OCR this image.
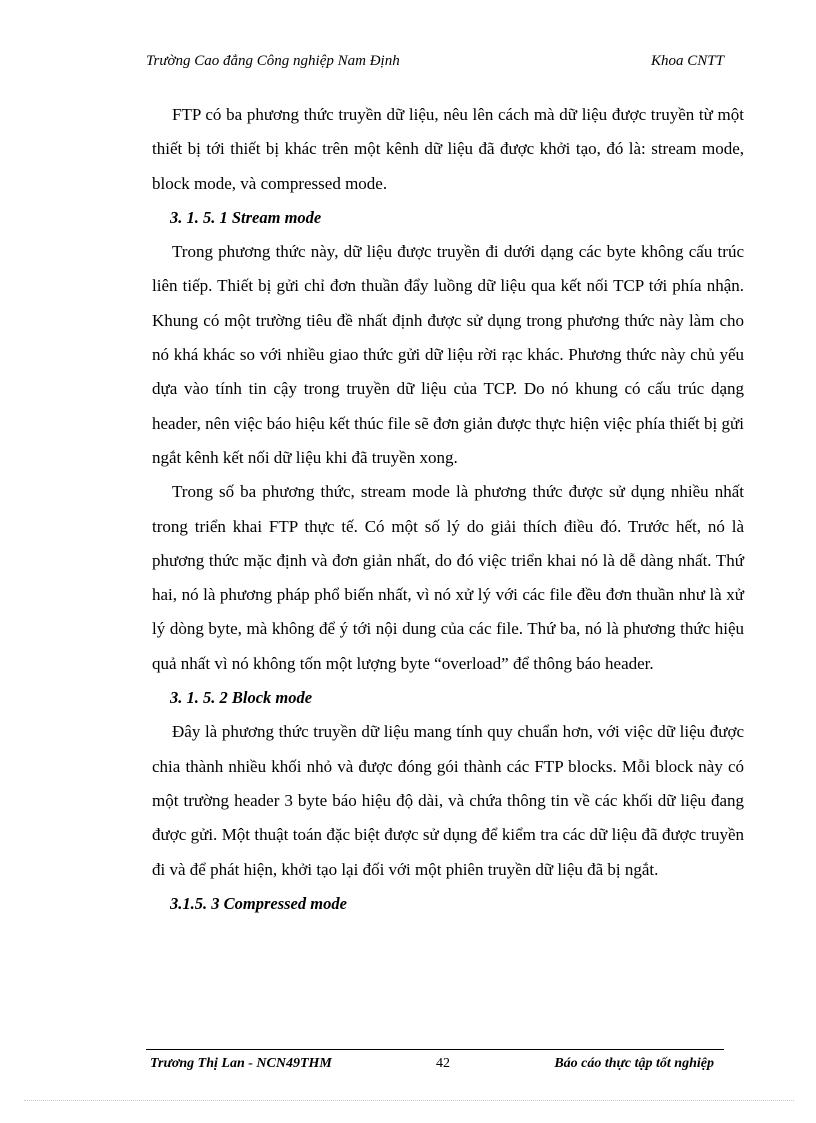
Trường Cao đẳng Công nghiệp Nam Định	Khoa CNTT

FTP có ba phương thức truyền dữ liệu, nêu lên cách mà dữ liệu được truyền từ một thiết bị tới thiết bị khác trên một kênh dữ liệu đã được khởi tạo, đó là: stream mode, block mode, và compressed mode.

3. 1. 5. 1 Stream mode

Trong phương thức này, dữ liệu được truyền đi dưới dạng các byte không cấu trúc liên tiếp. Thiết bị gửi chỉ đơn thuần đẩy luồng dữ liệu qua kết nối TCP tới phía nhận. Khung có một trường tiêu đề nhất định được sử dụng trong phương thức này làm cho nó khá khác so với nhiều giao thức gửi dữ liệu rời rạc khác. Phương thức này chủ yếu dựa vào tính tin cậy trong truyền dữ liệu của TCP. Do nó khung có cấu trúc dạng header, nên việc báo hiệu kết thúc file sẽ đơn giản được thực hiện việc phía thiết bị gửi ngắt kênh kết nối dữ liệu khi đã truyền xong.

Trong số ba phương thức, stream mode là phương thức được sử dụng nhiều nhất trong triển khai FTP thực tế. Có một số lý do giải thích điều đó. Trước hết, nó là phương thức mặc định và đơn giản nhất, do đó việc triển khai nó là dễ dàng nhất. Thứ hai, nó là phương pháp phổ biến nhất, vì nó xử lý với các file đều đơn thuần như là xử lý dòng byte, mà không để ý tới nội dung của các file. Thứ ba, nó là phương thức hiệu quả nhất vì nó không tốn một lượng byte “overload” để thông báo header.

3. 1. 5. 2 Block mode

Đây là phương thức truyền dữ liệu mang tính quy chuẩn hơn, với việc dữ liệu được chia thành nhiều khối nhỏ và được đóng gói thành các FTP blocks. Mỗi block này có một trường header 3 byte báo hiệu độ dài, và chứa thông tin về các khối dữ liệu đang được gửi. Một thuật toán đặc biệt được sử dụng để kiểm tra các dữ liệu đã được truyền đi và để phát hiện, khởi tạo lại đối với một phiên truyền dữ liệu đã bị ngắt.

3.1.5. 3 Compressed mode

Trương Thị Lan - NCN49THM	42	Báo cáo thực tập tốt nghiệp
